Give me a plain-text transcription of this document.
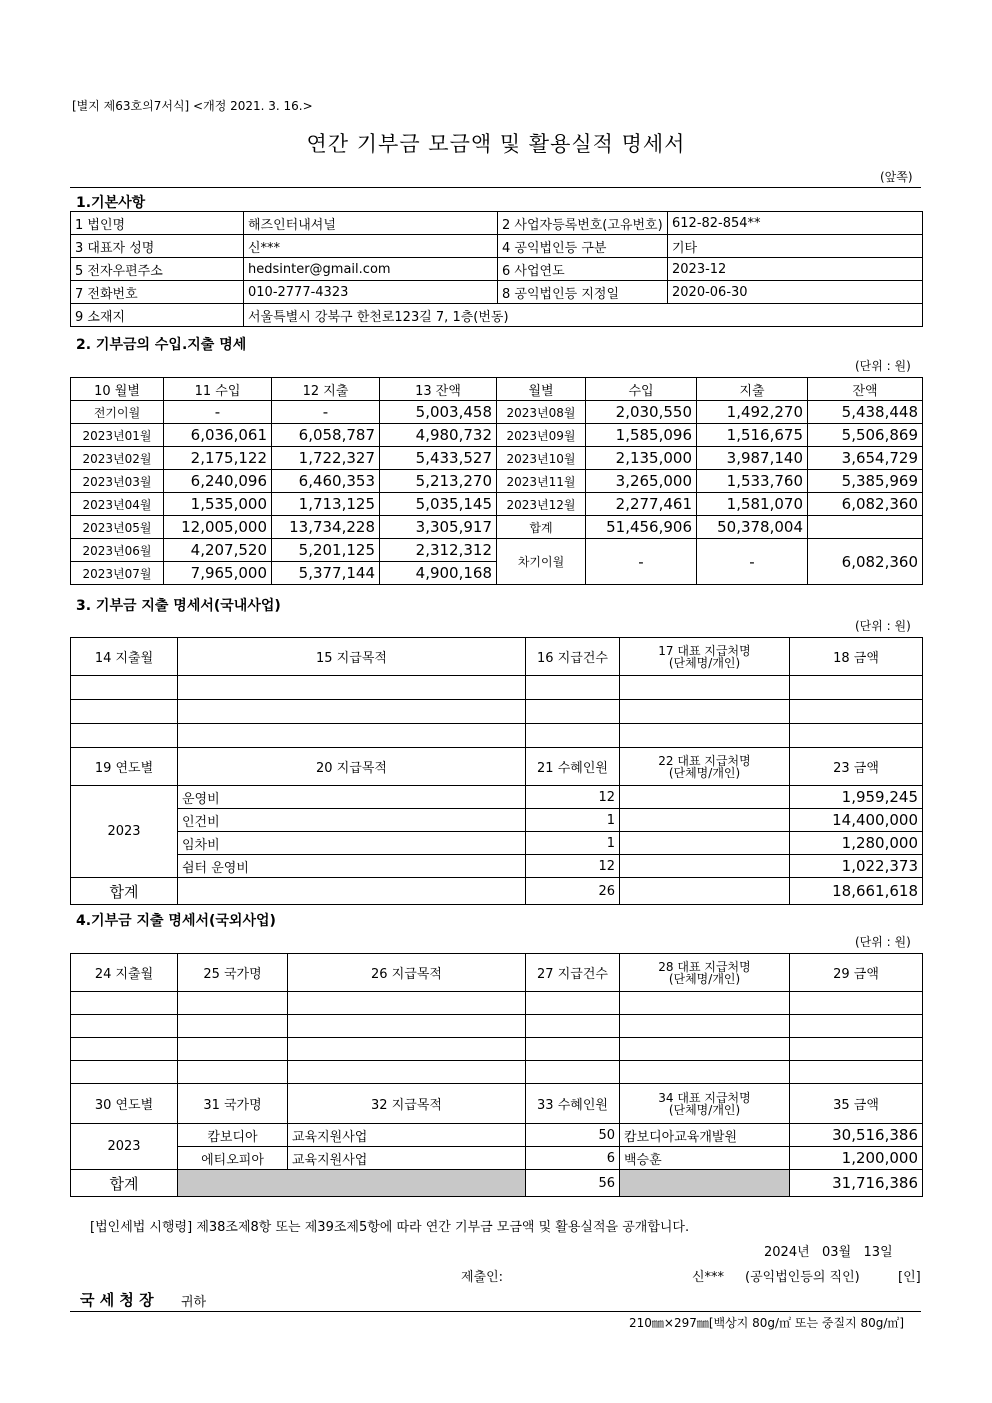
[별지 제63호의7서식] <개정 2021. 3. 16.>
연간 기부금 모금액 및 활용실적 명세서
(앞쪽)
1.기본사항
1 법인명	해즈인터내셔널	2 사업자등록번호(고유번호)	612-82-854**
3 대표자 성명	신***	4 공익법인등 구분	기타
5 전자우편주소	hedsinter@gmail.com	6 사업연도	2023-12
7 전화번호	010-2777-4323	8 공익법인등 지정일	2020-06-30
9 소재지	서울특별시 강북구 한천로123길 7, 1층(번동)		
2. 기부금의 수입.지출 명세
(단위 : 원)
10 월별	11 수입	12 지출	13 잔액	월별	수입	지출	잔액
전기이월	-	-	5,003,458	2023년08월	2,030,550	1,492,270	5,438,448
2023년01월	6,036,061	6,058,787	4,980,732	2023년09월	1,585,096	1,516,675	5,506,869
2023년02월	2,175,122	1,722,327	5,433,527	2023년10월	2,135,000	3,987,140	3,654,729
2023년03월	6,240,096	6,460,353	5,213,270	2023년11월	3,265,000	1,533,760	5,385,969
2023년04월	1,535,000	1,713,125	5,035,145	2023년12월	2,277,461	1,581,070	6,082,360
2023년05월	12,005,000	13,734,228	3,305,917	합계	51,456,906	50,378,004	
2023년06월	4,207,520	5,201,125	2,312,312	차기이월	-	-	6,082,360
2023년07월	7,965,000	5,377,144	4,900,168				
3. 기부금 지출 명세서(국내사업)
(단위 : 원)
14 지출월	15 지급목적	16 지급건수	17 대표 지급처명
(단체명/개인)	18 금액

19 연도별	20 지급목적	21 수혜인원	22 대표 지급처명
(단체명/개인)	23 금액
2023	운영비	12		1,959,245
	인건비	1		14,400,000
	임차비	1		1,280,000
	쉼터 운영비	12		1,022,373
합계		26		18,661,618
4.기부금 지출 명세서(국외사업)
(단위 : 원)
24 지출월	25 국가명	26 지급목적	27 지급건수	28 대표 지급처명
(단체명/개인)	29 금액

30 연도별	31 국가명	32 지급목적	33 수혜인원	34 대표 지급처명
(단체명/개인)	35 금액
2023	캄보디아	교육지원사업	50	캄보디아교육개발원	30,516,386
	에티오피아	교육지원사업	6	백승훈	1,200,000
합계			56		31,716,386
[법인세법 시행령] 제38조제8항 또는 제39조제5항에 따라 연간 기부금 모금액 및 활용실적을 공개합니다.
2024년   03월   13일
제출인:	신*** (공익법인등의 직인)	[인]
국 세 청 장 귀하
210㎜×297㎜[백상지 80g/㎡ 또는 중질지 80g/㎡]
